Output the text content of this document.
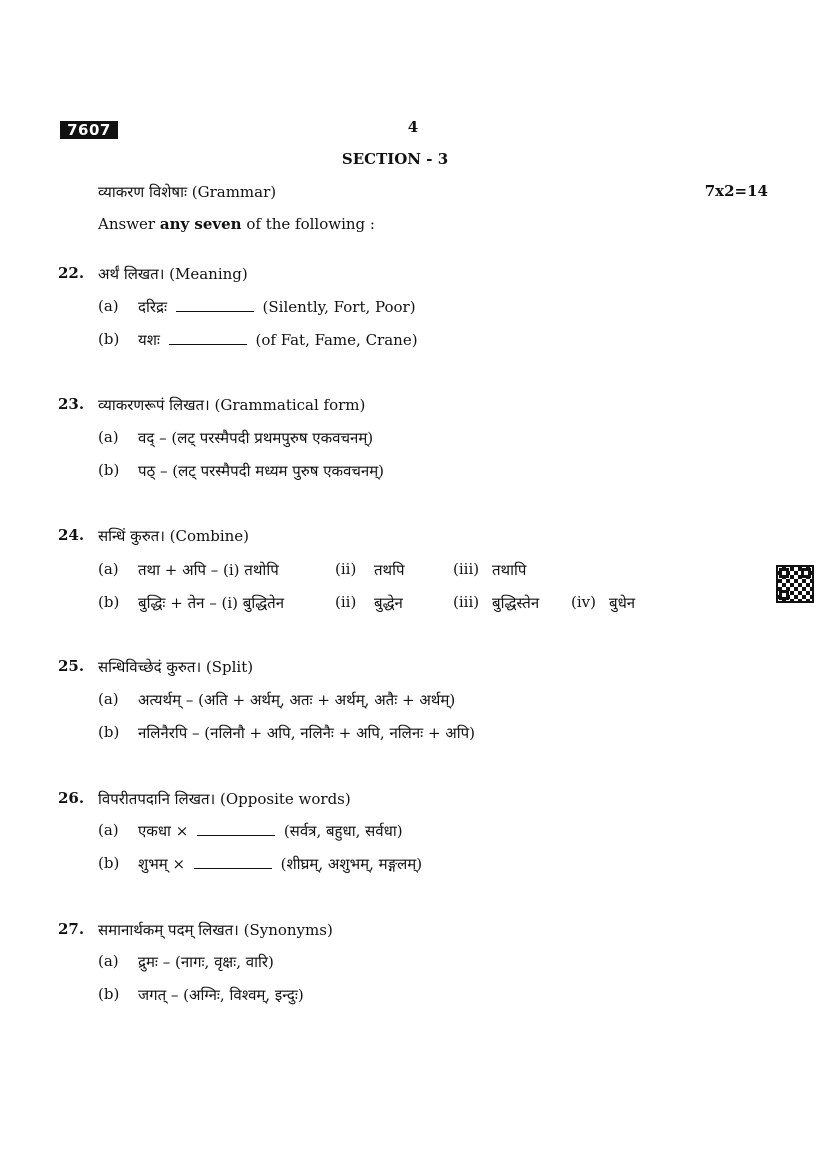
7607	4
SECTION - 3
व्याकरण विशेषाः (Grammar)	7x2=14
Answer any seven of the following :
22. अर्थं लिखत। (Meaning)
(a)	दरिद्रः	(Silently, Fort, Poor)
(b)	यशः	(of Fat, Fame, Crane)
23. व्याकरणरूपं लिखत। (Grammatical form)
(a)	वद् – (लट् परस्मैपदी प्रथमपुरुष एकवचनम्)
(b)	पठ् – (लट् परस्मैपदी मध्यम पुरुष एकवचनम्)
24. सन्धिं कुरुत। (Combine)
(a)	तथा + अपि – (i) तथोपि	(ii) तथपि	(iii) तथापि
(b)	बुद्धिः + तेन – (i) बुद्धितेन	(ii) बुद्धेन	(iii) बुद्धिस्तेन (iv) बुधेन
25. सन्धिविच्छेदं कुरुत। (Split)
(a)	अत्यर्थम् – (अति + अर्थम्, अतः + अर्थम्, अतैः + अर्थम्)
(b)	नलिनैरपि – (नलिनौ + अपि, नलिनैः + अपि, नलिनः + अपि)
26. विपरीतपदानि लिखत। (Opposite words)
(a)	एकधा ×	(सर्वत्र, बहुधा, सर्वधा)
(b)	शुभम् ×	(शीघ्रम्, अशुभम्, मङ्गलम्)
27. समानार्थकम् पदम् लिखत। (Synonyms)
(a)	द्रुमः – (नागः, वृक्षः, वारि)
(b)	जगत् – (अग्निः, विश्वम्, इन्दुः)
